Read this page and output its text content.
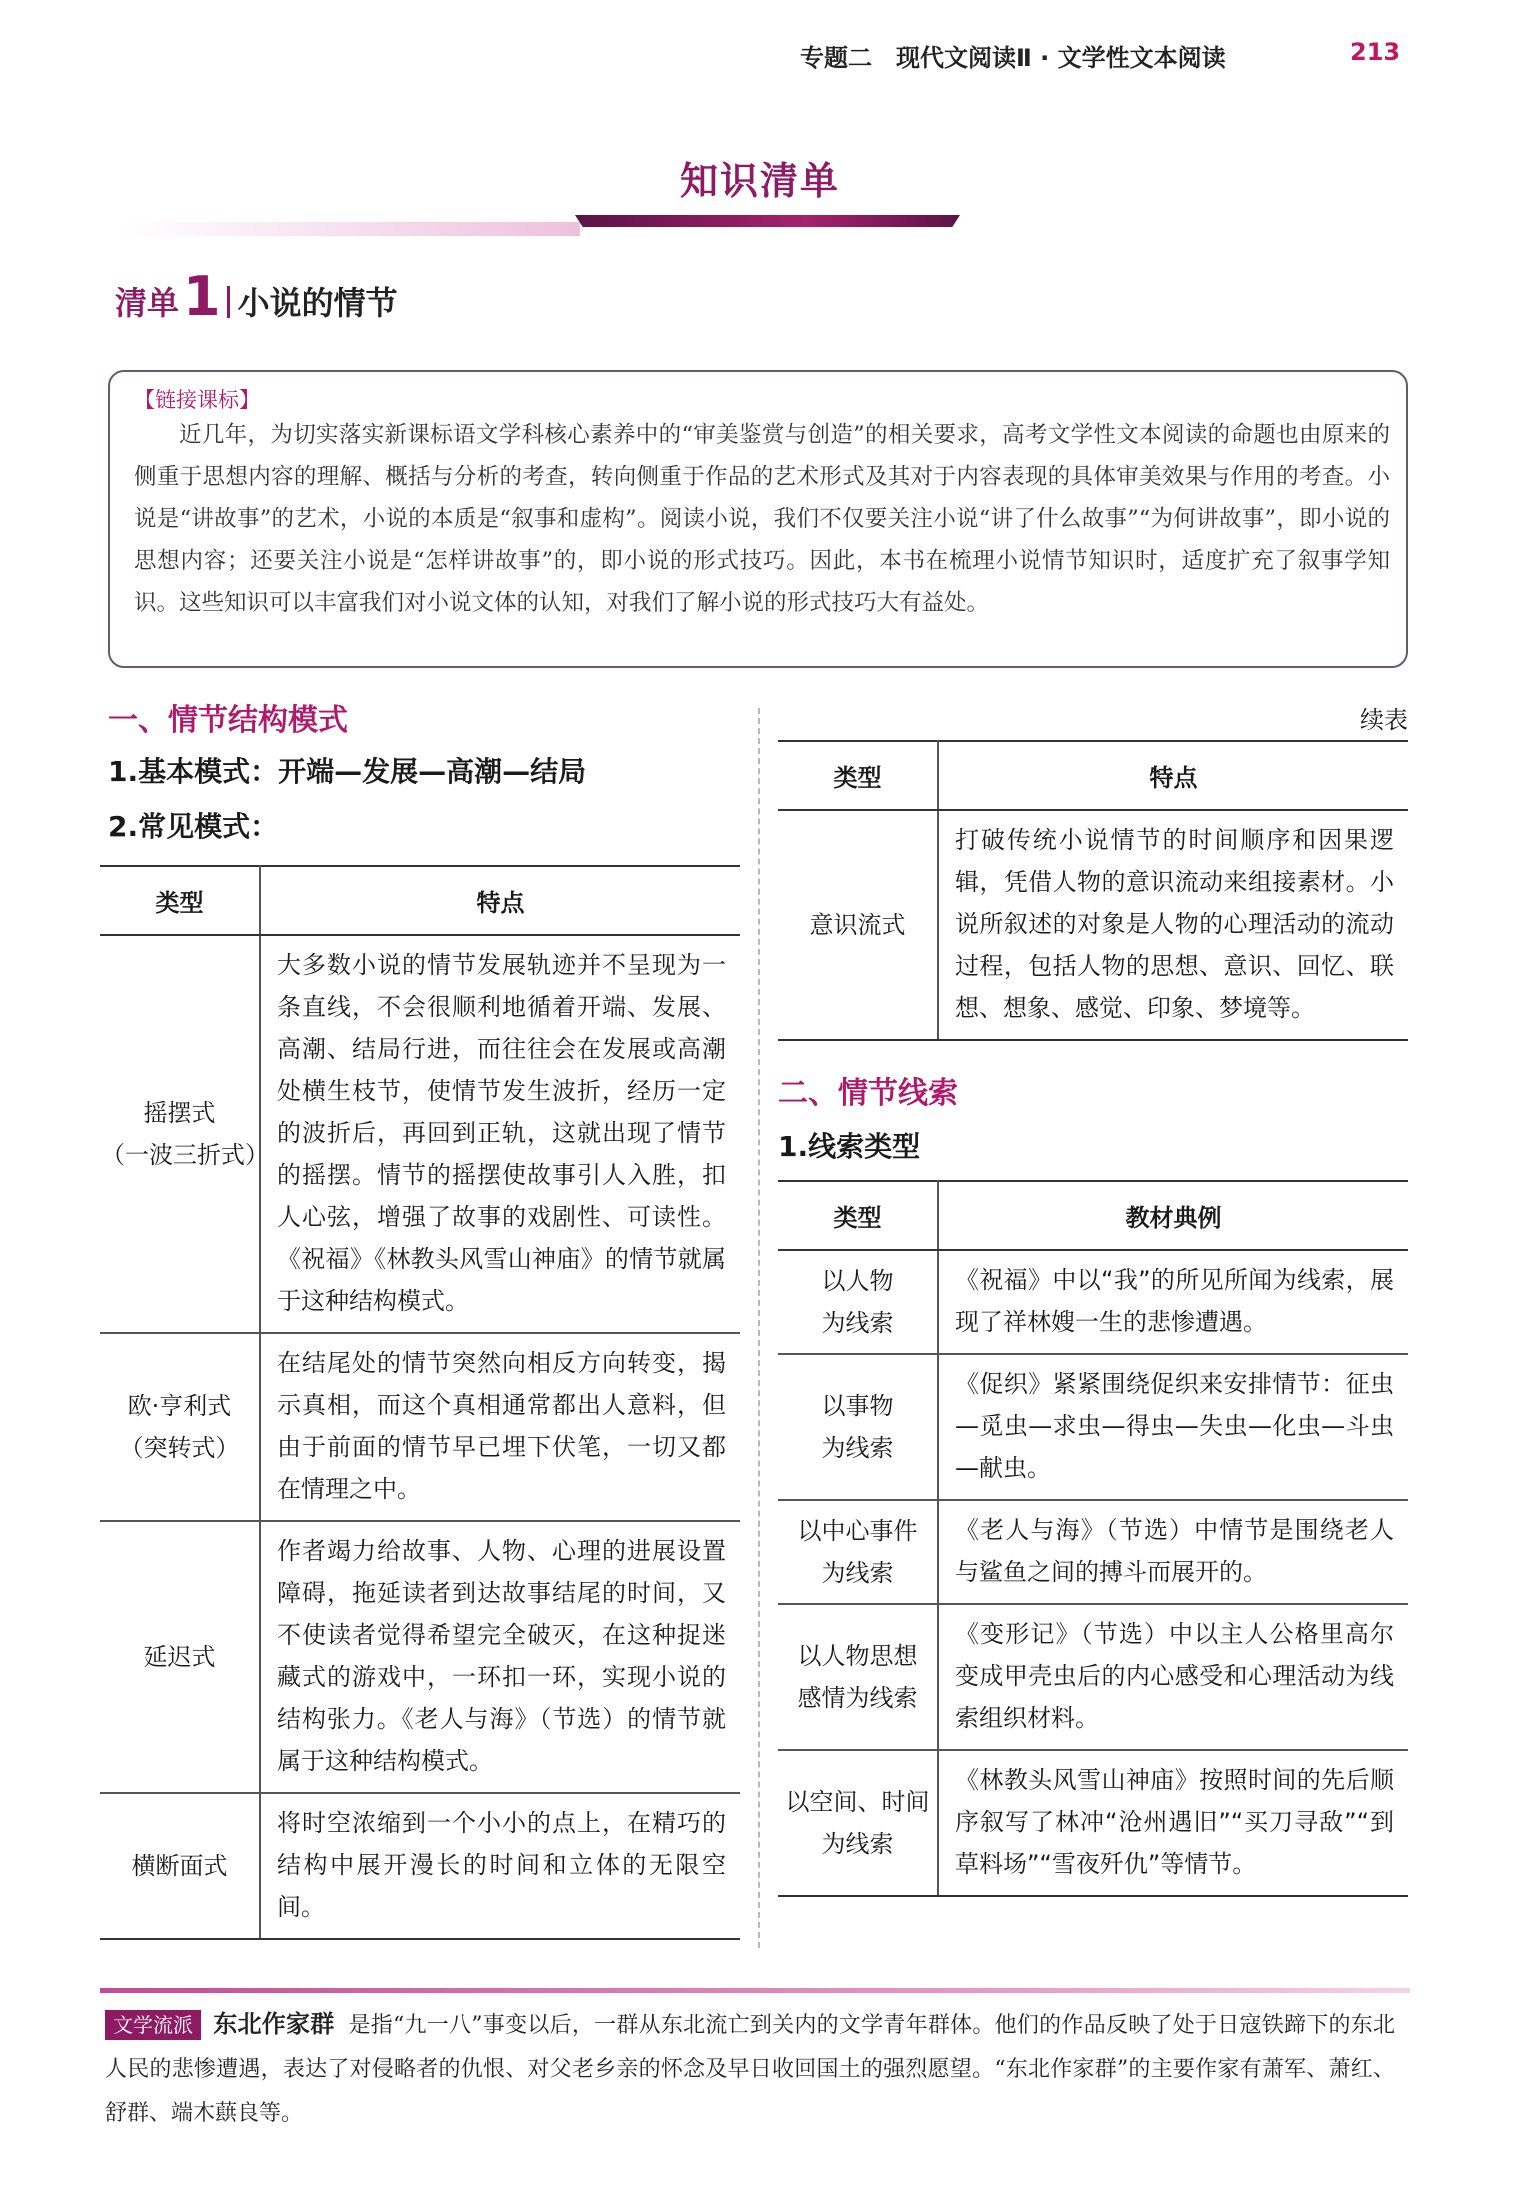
专题二　现代文阅读Ⅱ · 文学性文本阅读	213
知识清单
清单 1 小说的情节
【链接课标】
近几年，为切实落实新课标语文学科核心素养中的“审美鉴赏与创造”的相关要求，高考文学性文本阅读的命题也由原来的侧重于思想内容的理解、概括与分析的考查，转向侧重于作品的艺术形式及其对于内容表现的具体审美效果与作用的考查。小说是“讲故事”的艺术，小说的本质是“叙事和虚构”。阅读小说，我们不仅要关注小说“讲了什么故事”“为何讲故事”，即小说的思想内容；还要关注小说是“怎样讲故事”的，即小说的形式技巧。因此，本书在梳理小说情节知识时，适度扩充了叙事学知识。这些知识可以丰富我们对小说文体的认知，对我们了解小说的形式技巧大有益处。
一、情节结构模式
1.基本模式：开端—发展—高潮—结局
2.常见模式：
类型	特点
摇摆式
（一波三折式）	大多数小说的情节发展轨迹并不呈现为一条直线，不会很顺利地循着开端、发展、高潮、结局行进，而往往会在发展或高潮处横生枝节，使情节发生波折，经历一定的波折后，再回到正轨，这就出现了情节的摇摆。情节的摇摆使故事引人入胜，扣人心弦，增强了故事的戏剧性、可读性。《祝福》《林教头风雪山神庙》的情节就属于这种结构模式。
欧·亨利式
（突转式）	在结尾处的情节突然向相反方向转变，揭示真相，而这个真相通常都出人意料，但由于前面的情节早已埋下伏笔，一切又都在情理之中。
延迟式	作者竭力给故事、人物、心理的进展设置障碍，拖延读者到达故事结尾的时间，又不使读者觉得希望完全破灭，在这种捉迷藏式的游戏中，一环扣一环，实现小说的结构张力。《老人与海》（节选）的情节就属于这种结构模式。
横断面式	将时空浓缩到一个小小的点上，在精巧的结构中展开漫长的时间和立体的无限空间。
续表
类型	特点
意识流式	打破传统小说情节的时间顺序和因果逻辑，凭借人物的意识流动来组接素材。小说所叙述的对象是人物的心理活动的流动过程，包括人物的思想、意识、回忆、联想、想象、感觉、印象、梦境等。
二、情节线索
1.线索类型
类型	教材典例
以人物
为线索	《祝福》中以“我”的所见所闻为线索，展现了祥林嫂一生的悲惨遭遇。
以事物
为线索	《促织》紧紧围绕促织来安排情节：征虫—觅虫—求虫—得虫—失虫—化虫—斗虫—献虫。
以中心事件
为线索	《老人与海》（节选）中情节是围绕老人与鲨鱼之间的搏斗而展开的。
以人物思想
感情为线索	《变形记》（节选）中以主人公格里高尔变成甲壳虫后的内心感受和心理活动为线索组织材料。
以空间、时间
为线索	《林教头风雪山神庙》按照时间的先后顺序叙写了林冲“沧州遇旧”“买刀寻敌”“到草料场”“雪夜歼仇”等情节。
文学流派 东北作家群 是指“九一八”事变以后，一群从东北流亡到关内的文学青年群体。他们的作品反映了处于日寇铁蹄下的东北人民的悲惨遭遇，表达了对侵略者的仇恨、对父老乡亲的怀念及早日收回国土的强烈愿望。“东北作家群”的主要作家有萧军、萧红、舒群、端木蕻良等。
